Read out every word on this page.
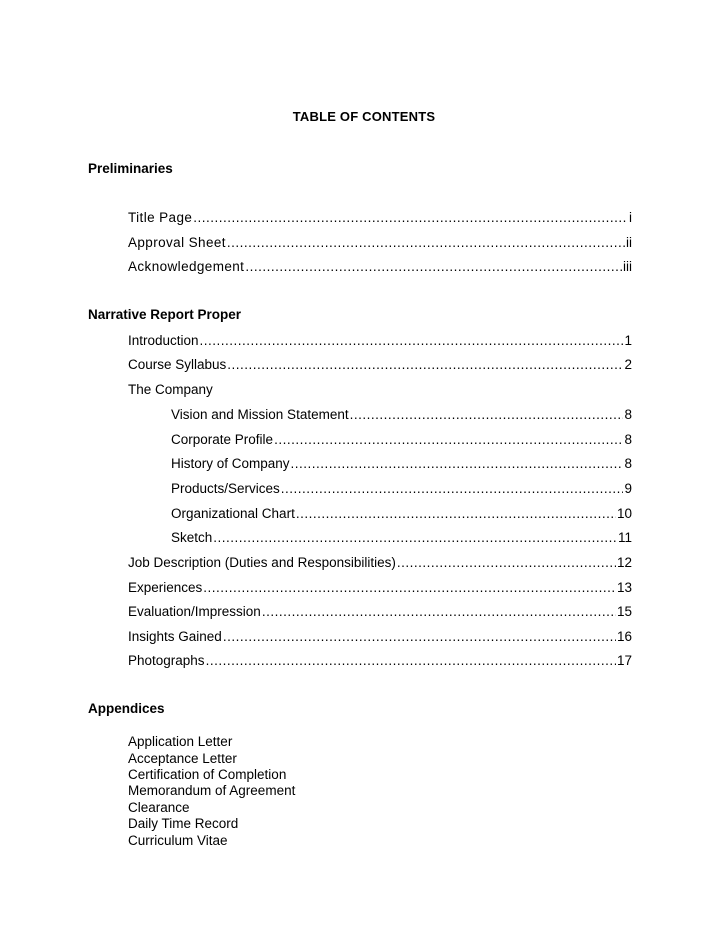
TABLE OF CONTENTS
Preliminaries
Title Page .....	i
Approval Sheet .....	ii
Acknowledgement .....	iii
Narrative Report Proper
Introduction .....	1
Course Syllabus .....	2
The Company
Vision and Mission Statement .....	8
Corporate Profile .....	8
History of Company .....	8
Products/Services .....	9
Organizational Chart .....	10
Sketch .....	11
Job Description (Duties and Responsibilities) .....	12
Experiences .....	13
Evaluation/Impression .....	15
Insights Gained .....	16
Photographs .....	17
Appendices
Application Letter
Acceptance Letter
Certification of Completion
Memorandum of Agreement
Clearance
Daily Time Record
Curriculum Vitae
